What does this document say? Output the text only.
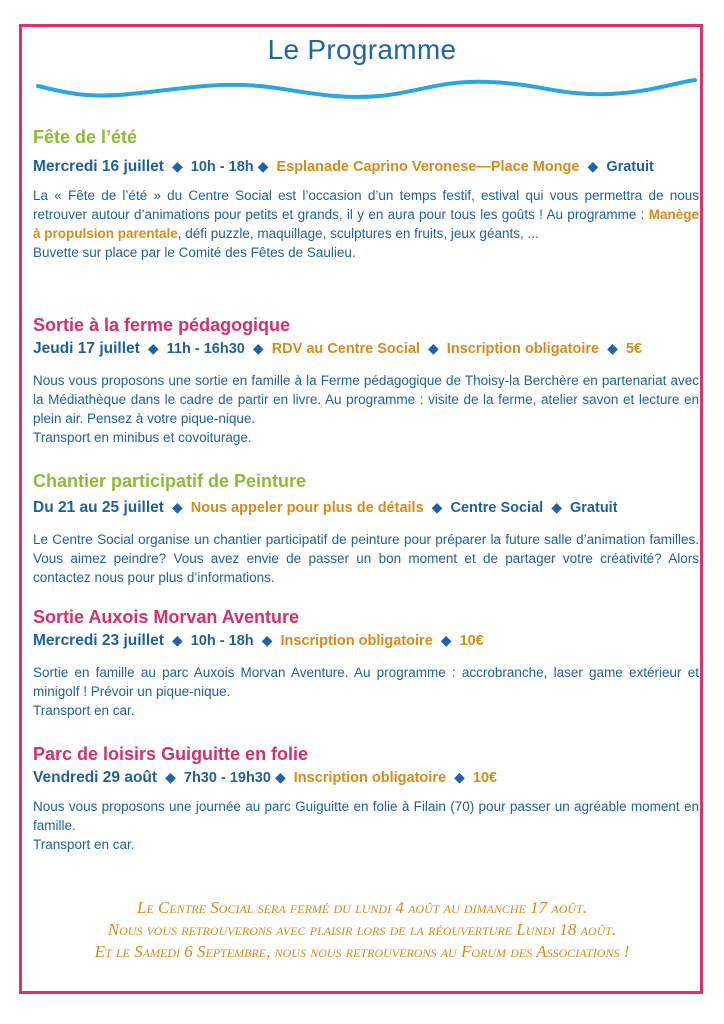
Le Programme
Fête de l’été
Mercredi 16 juillet ◆ 10h - 18h ◆ Esplanade Caprino Veronese—Place Monge ◆ Gratuit

La « Fête de l’été » du Centre Social est l’occasion d’un temps festif, estival qui vous permettra de nous retrouver autour d’animations pour petits et grands, il y en aura pour tous les goûts ! Au programme : Manège à propulsion parentale, défi puzzle, maquillage, sculptures en fruits, jeux géants, ...

Buvette sur place par le Comité des Fêtes de Saulieu.

Sortie à la ferme pédagogique
Jeudi 17 juillet ◆ 11h - 16h30 ◆ RDV au Centre Social ◆ Inscription obligatoire ◆ 5€

Nous vous proposons une sortie en famille à la Ferme pédagogique de Thoisy-la Berchère en partenariat avec la Médiathèque dans le cadre de partir en livre. Au programme : visite de la ferme, atelier savon et lecture en plein air. Pensez à votre pique-nique.

Transport en minibus et covoiturage.

Chantier participatif de Peinture
Du 21 au 25 juillet ◆ Nous appeler pour plus de détails ◆ Centre Social ◆ Gratuit

Le Centre Social organise un chantier participatif de peinture pour préparer la future salle d’animation familles. Vous aimez peindre? Vous avez envie de passer un bon moment et de partager votre créativité? Alors contactez nous pour plus d’informations.

Sortie Auxois Morvan Aventure
Mercredi 23 juillet ◆ 10h - 18h ◆ Inscription obligatoire ◆ 10€

Sortie en famille au parc Auxois Morvan Aventure. Au programme : accrobranche, laser game extérieur et minigolf ! Prévoir un pique-nique.

Transport en car.

Parc de loisirs Guiguitte en folie
Vendredi 29 août ◆ 7h30 - 19h30 ◆ Inscription obligatoire ◆ 10€

Nous vous proposons une journée au parc Guiguitte en folie à Filain (70) pour passer un agréable moment en famille.

Transport en car.

Le Centre Social sera fermé du lundi 4 août au dimanche 17 août.
Nous vous retrouverons avec plaisir lors de la réouverture Lundi 18 août.
Et le Samedi 6 Septembre, nous nous retrouverons au Forum des Associations !
